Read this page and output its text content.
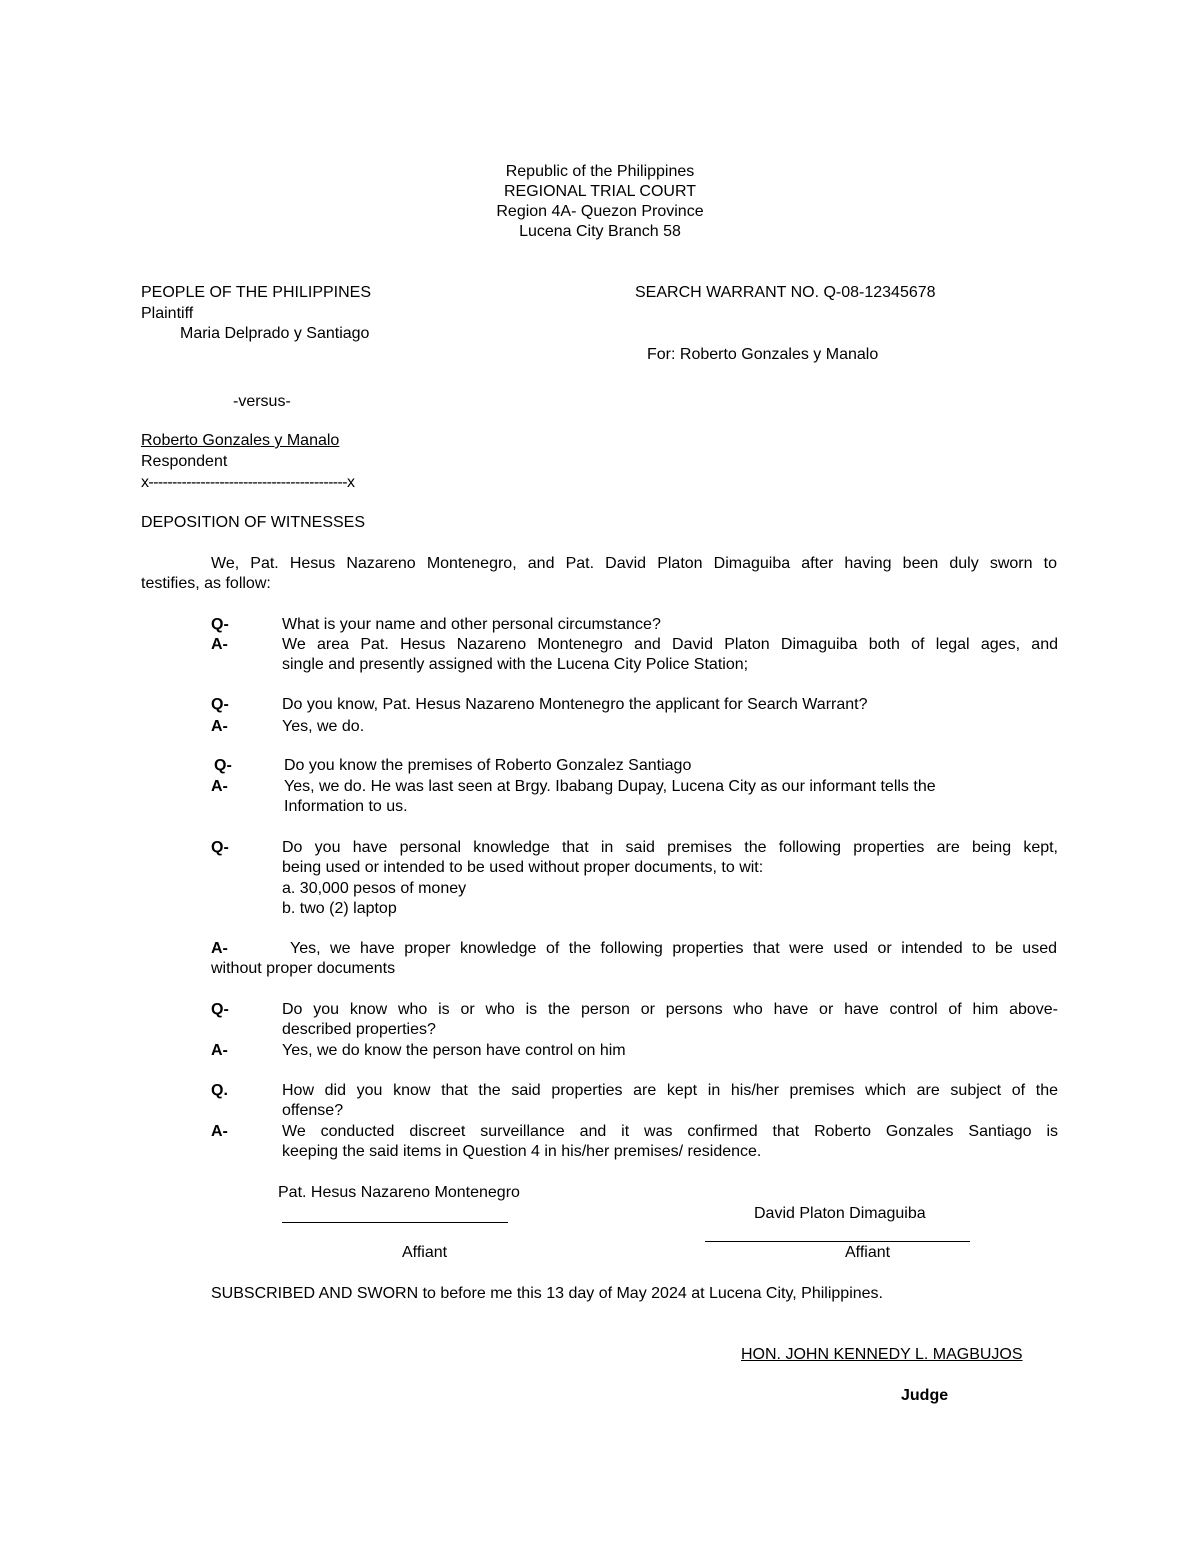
Republic of the Philippines
REGIONAL TRIAL COURT
Region 4A- Quezon Province
Lucena City Branch 58
PEOPLE OF THE PHILIPPINES
Plaintiff
Maria Delprado y Santiago
SEARCH WARRANT NO. Q-08-12345678
For: Roberto Gonzales y Manalo
-versus-
Roberto Gonzales y Manalo
Respondent
x------------------------------------------x
DEPOSITION OF WITNESSES
We, Pat. Hesus Nazareno Montenegro, and Pat. David Platon Dimaguiba after having been duly sworn to
testifies, as follow:
Q-	What is your name and other personal circumstance?
A-	We area Pat. Hesus Nazareno Montenegro and David Platon Dimaguiba both of legal ages, and
single and presently assigned with the Lucena City Police Station;
Q-	Do you know, Pat. Hesus Nazareno Montenegro the applicant for Search Warrant?
A-	Yes, we do.
Q-	Do you know the premises of Roberto Gonzalez Santiago
A-	Yes, we do. He was last seen at Brgy. Ibabang Dupay, Lucena City as our informant tells the
Information to us.
Q-	Do you have personal knowledge that in said premises the following properties are being kept,
being used or intended to be used without proper documents, to wit:
a. 30,000 pesos of money
b. two (2) laptop
A-	Yes, we have proper knowledge of the following properties that were used or intended to be used
without proper documents
Q-	Do you know who is or who is the person or persons who have or have control of him above-
described properties?
A-	Yes, we do know the person have control on him
Q.	How did you know that the said properties are kept in his/her premises which are subject of the
offense?
A-	We conducted discreet surveillance and it was confirmed that Roberto Gonzales Santiago is
keeping the said items in Question 4 in his/her premises/ residence.
Pat. Hesus Nazareno Montenegro
Affiant
David Platon Dimaguiba
Affiant
SUBSCRIBED AND SWORN to before me this 13 day of May 2024 at Lucena City, Philippines.
HON. JOHN KENNEDY L. MAGBUJOS
Judge
